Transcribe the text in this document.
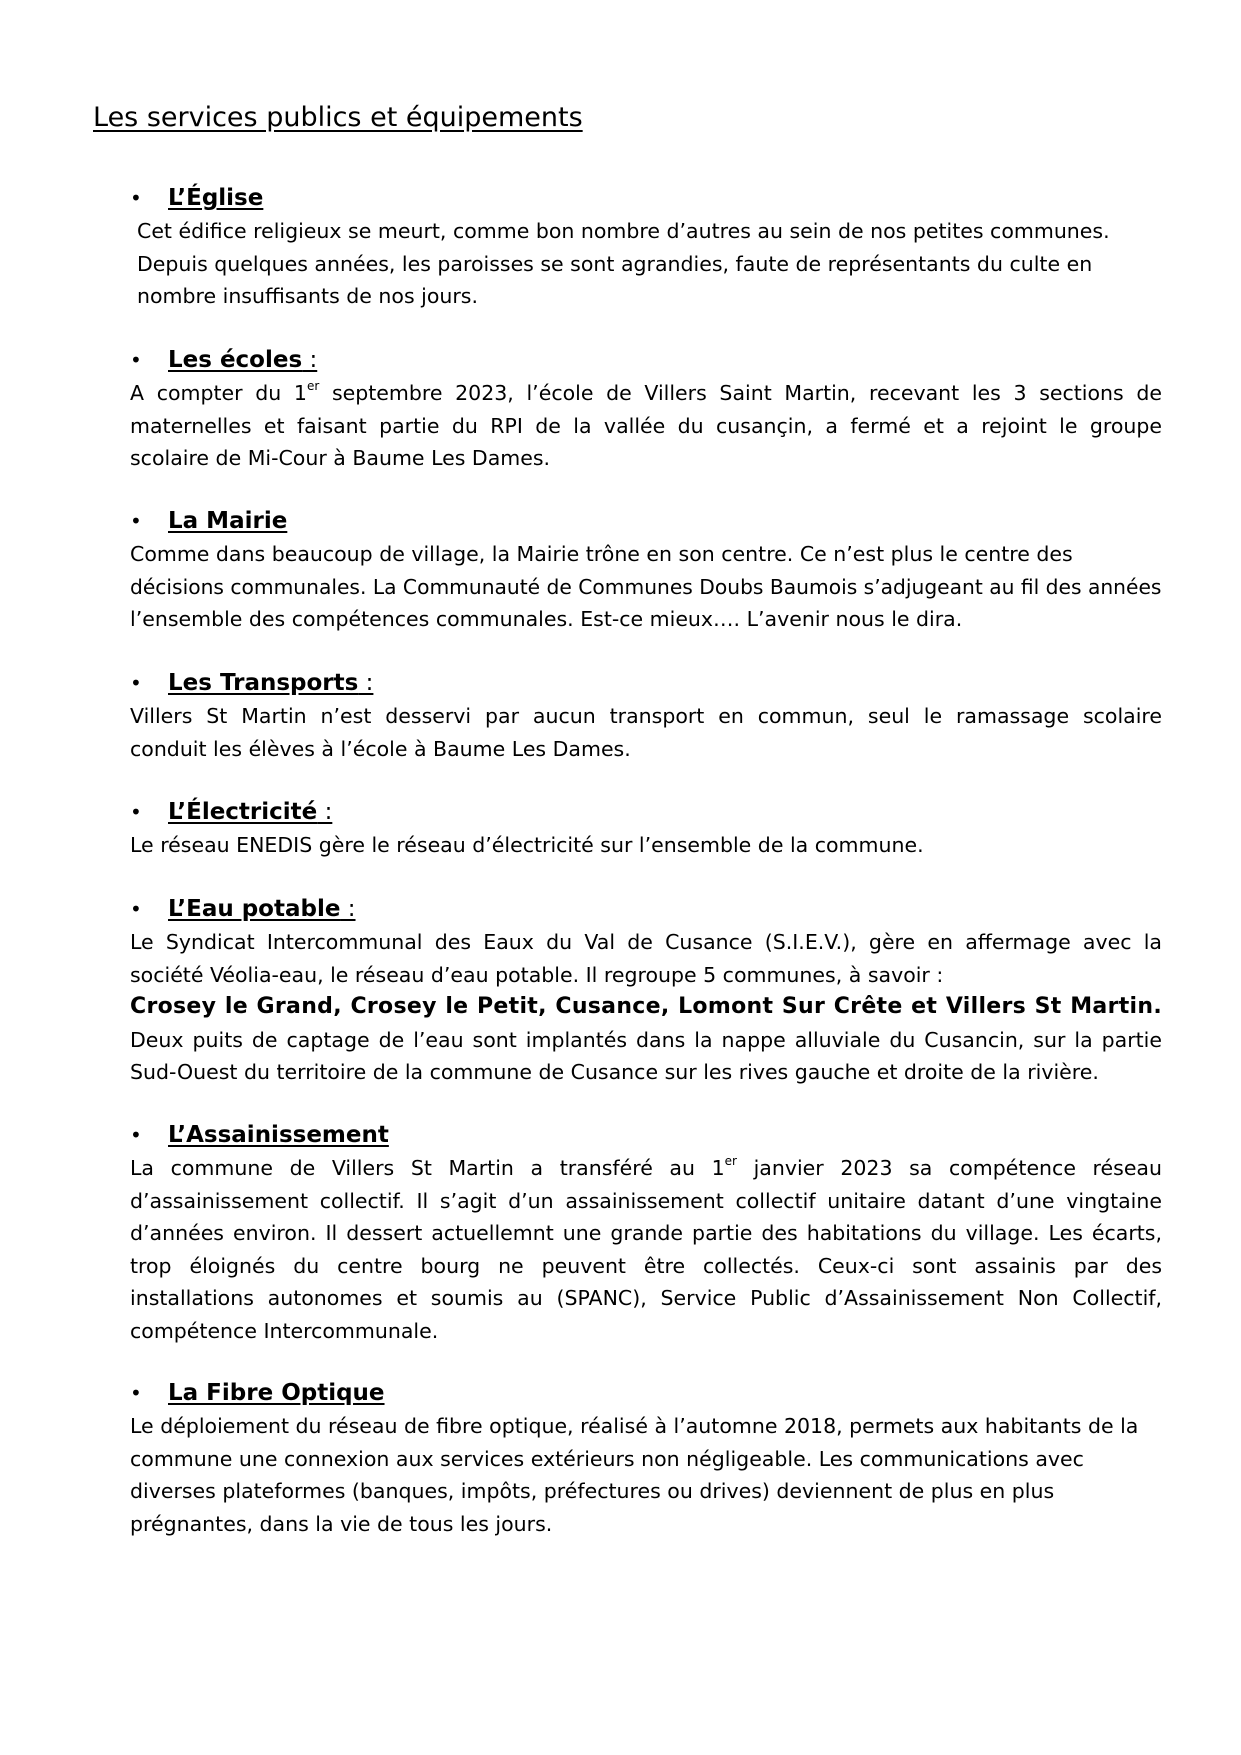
Les services publics et équipements
• L’Église

Cet édifice religieux se meurt, comme bon nombre d’autres au sein de nos petites communes.
Depuis quelques années, les paroisses se sont agrandies, faute de représentants du culte en
nombre insuffisants de nos jours.

• Les écoles :

A compter du 1er septembre 2023, l’école de Villers Saint Martin, recevant les 3 sections de
maternelles et faisant partie du RPI de la vallée du cusançin, a fermé et a rejoint le groupe
scolaire de Mi-Cour à Baume Les Dames.

• La Mairie

Comme dans beaucoup de village, la Mairie trône en son centre. Ce n’est plus le centre des
décisions communales. La Communauté de Communes Doubs Baumois s’adjugeant au fil des années
l’ensemble des compétences communales. Est-ce mieux…. L’avenir nous le dira.

• Les Transports :

Villers St Martin n’est desservi par aucun transport en commun, seul le ramassage scolaire
conduit les élèves à l’école à Baume Les Dames.

• L’Électricité :

Le réseau ENEDIS gère le réseau d’électricité sur l’ensemble de la commune.

• L’Eau potable :

Le Syndicat Intercommunal des Eaux du Val de Cusance (S.I.E.V.), gère en affermage avec la
société Véolia-eau, le réseau d’eau potable. Il regroupe 5 communes, à savoir :
Crosey le Grand, Crosey le Petit, Cusance, Lomont Sur Crête et Villers St Martin.
Deux puits de captage de l’eau sont implantés dans la nappe alluviale du Cusancin, sur la partie
Sud-Ouest du territoire de la commune de Cusance sur les rives gauche et droite de la rivière.

• L’Assainissement

La commune de Villers St Martin a transféré au 1er janvier 2023 sa compétence réseau
d’assainissement collectif. Il s’agit d’un assainissement collectif unitaire datant d’une vingtaine
d’années environ. Il dessert actuellemnt une grande partie des habitations du village. Les écarts,
trop éloignés du centre bourg ne peuvent être collectés. Ceux-ci sont assainis par des
installations autonomes et soumis au (SPANC), Service Public d’Assainissement Non Collectif,
compétence Intercommunale.

• La Fibre Optique

Le déploiement du réseau de fibre optique, réalisé à l’automne 2018, permets aux habitants de la
commune une connexion aux services extérieurs non négligeable. Les communications avec
diverses plateformes (banques, impôts, préfectures ou drives) deviennent de plus en plus
prégnantes, dans la vie de tous les jours.
